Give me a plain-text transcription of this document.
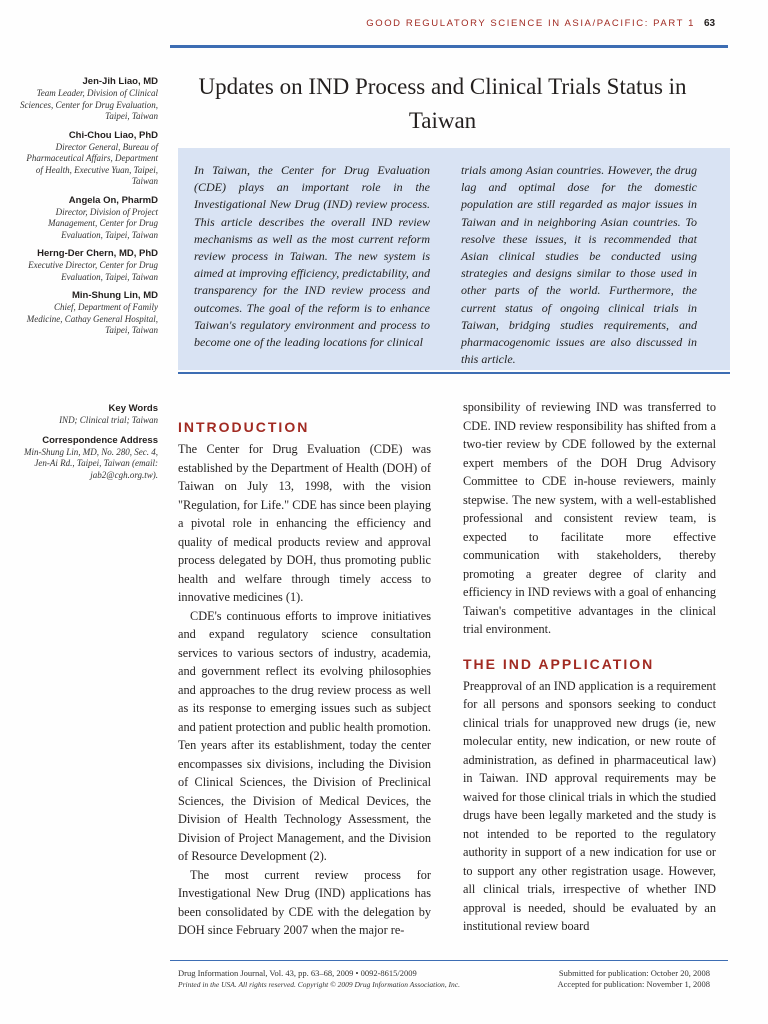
GOOD REGULATORY SCIENCE IN ASIA/PACIFIC: PART 1 63
Updates on IND Process and Clinical Trials Status in Taiwan
Jen-Jih Liao, MD
Team Leader, Division of Clinical Sciences, Center for Drug Evaluation, Taipei, Taiwan
Chi-Chou Liao, PhD
Director General, Bureau of Pharmaceutical Affairs, Department of Health, Executive Yuan, Taipei, Taiwan
Angela On, PharmD
Director, Division of Project Management, Center for Drug Evaluation, Taipei, Taiwan
Herng-Der Chern, MD, PhD
Executive Director, Center for Drug Evaluation, Taipei, Taiwan
Min-Shung Lin, MD
Chief, Department of Family Medicine, Cathay General Hospital, Taipei, Taiwan
In Taiwan, the Center for Drug Evaluation (CDE) plays an important role in the Investigational New Drug (IND) review process. This article describes the overall IND review mechanisms as well as the most current reform review process in Taiwan. The new system is aimed at improving efficiency, predictability, and transparency for the IND review process and outcomes. The goal of the reform is to enhance Taiwan's regulatory environment and process to become one of the leading locations for clinical
trials among Asian countries. However, the drug lag and optimal dose for the domestic population are still regarded as major issues in Taiwan and in neighboring Asian countries. To resolve these issues, it is recommended that Asian clinical studies be conducted using strategies and designs similar to those used in other parts of the world. Furthermore, the current status of ongoing clinical trials in Taiwan, bridging studies requirements, and pharmacogenomic issues are also discussed in this article.
Key Words
IND; Clinical trial; Taiwan
Correspondence Address
Min-Shung Lin, MD, No. 280, Sec. 4, Jen-Ai Rd., Taipei, Taiwan (email: jab2@cgh.org.tw).
INTRODUCTION

The Center for Drug Evaluation (CDE) was established by the Department of Health (DOH) of Taiwan on July 13, 1998, with the vision "Regulation, for Life." CDE has since been playing a pivotal role in enhancing the efficiency and quality of medical products review and approval process delegated by DOH, thus promoting public health and welfare through timely access to innovative medicines (1).

CDE's continuous efforts to improve initiatives and expand regulatory science consultation services to various sectors of industry, academia, and government reflect its evolving philosophies and approaches to the drug review process as well as its response to emerging issues such as subject and patient protection and public health promotion. Ten years after its establishment, today the center encompasses six divisions, including the Division of Clinical Sciences, the Division of Preclinical Sciences, the Division of Medical Devices, the Division of Health Technology Assessment, the Division of Project Management, and the Division of Resource Development (2).

The most current review process for Investigational New Drug (IND) applications has been consolidated by CDE with the delegation by DOH since February 2007 when the major re-

sponsibility of reviewing IND was transferred to CDE. IND review responsibility has shifted from a two-tier review by CDE followed by the external expert members of the DOH Drug Advisory Committee to CDE in-house reviewers, mainly stepwise. The new system, with a well-established professional and consistent review team, is expected to facilitate more effective communication with stakeholders, thereby promoting a greater degree of clarity and efficiency in IND reviews with a goal of enhancing Taiwan's competitive advantages in the clinical trial environment.

THE IND APPLICATION

Preapproval of an IND application is a requirement for all persons and sponsors seeking to conduct clinical trials for unapproved new drugs (ie, new molecular entity, new indication, or new route of administration, as defined in pharmaceutical law) in Taiwan. IND approval requirements may be waived for those clinical trials in which the studied drugs have been legally marketed and the study is not intended to be reported to the regulatory authority in support of a new indication for use or to support any other registration usage. However, all clinical trials, irrespective of whether IND approval is needed, should be evaluated by an institutional review board

Drug Information Journal, Vol. 43, pp. 63–68, 2009 • 0092-8615/2009
Printed in the USA. All rights reserved. Copyright © 2009 Drug Information Association, Inc.
Submitted for publication: October 20, 2008
Accepted for publication: November 1, 2008
